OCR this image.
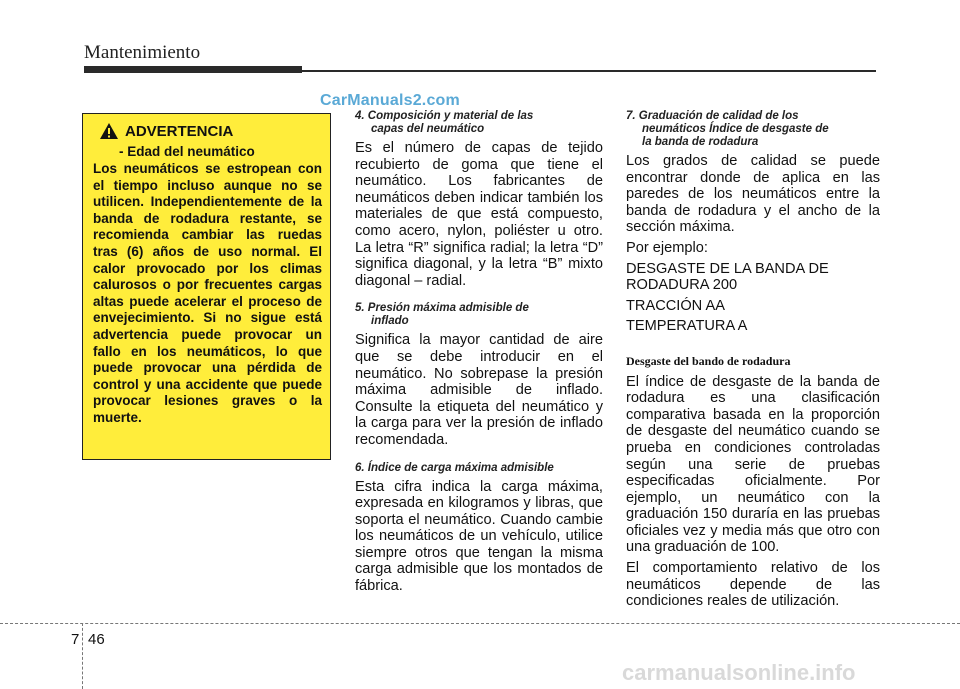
Mantenimiento
CarManuals2.com
ADVERTENCIA
- Edad del neumático
Los neumáticos se estropean con el tiempo incluso aunque no se utilicen. Independientemente de la banda de rodadura restante, se recomienda cambiar las ruedas tras (6) años de uso normal. El calor provocado por los climas calurosos o por frecuentes cargas altas puede acelerar el proceso de envejecimiento. Si no sigue está advertencia puede provocar un fallo en los neumáticos, lo que puede provocar una pérdida de control y una accidente que puede provocar lesiones graves o la muerte.
4. Composición y material de las
capas del neumático

Es el número de capas de tejido recubierto de goma que tiene el neumático. Los fabricantes de neumáticos deben indicar también los materiales de que está compuesto, como acero, nylon, poliéster u otro. La letra “R” significa radial; la letra “D” significa diagonal, y la letra “B” mixto diagonal – radial.

5. Presión máxima admisible de
inflado

Significa la mayor cantidad de aire que se debe introducir en el neumático. No sobrepase la presión máxima admisible de inflado. Consulte la etiqueta del neumático y la carga para ver la presión de inflado recomendada.

6. Índice de carga máxima admisible

Esta cifra indica la carga máxima, expresada en kilogramos y libras, que soporta el neumático. Cuando cambie los neumáticos de un vehículo, utilice siempre otros que tengan la misma carga admisible que los montados de fábrica.

7. Graduación de calidad de los
neumáticos Índice de desgaste de
la banda de rodadura

Los grados de calidad se puede encontrar donde de aplica en las paredes de los neumáticos entre la banda de rodadura y el ancho de la sección máxima.

Por ejemplo:

DESGASTE DE LA BANDA DE RODADURA 200

TRACCIÓN AA

TEMPERATURA A

Desgaste del bando de rodadura

El índice de desgaste de la banda de rodadura es una clasificación comparativa basada en la proporción de desgaste del neumático cuando se prueba en condiciones controladas según una serie de pruebas especificadas oficialmente. Por ejemplo, un neumático con la graduación 150 duraría en las pruebas oficiales vez y media más que otro con una graduación de 100.

El comportamiento relativo de los neumáticos depende de las condiciones reales de utilización.

7 46
carmanualsonline.info
